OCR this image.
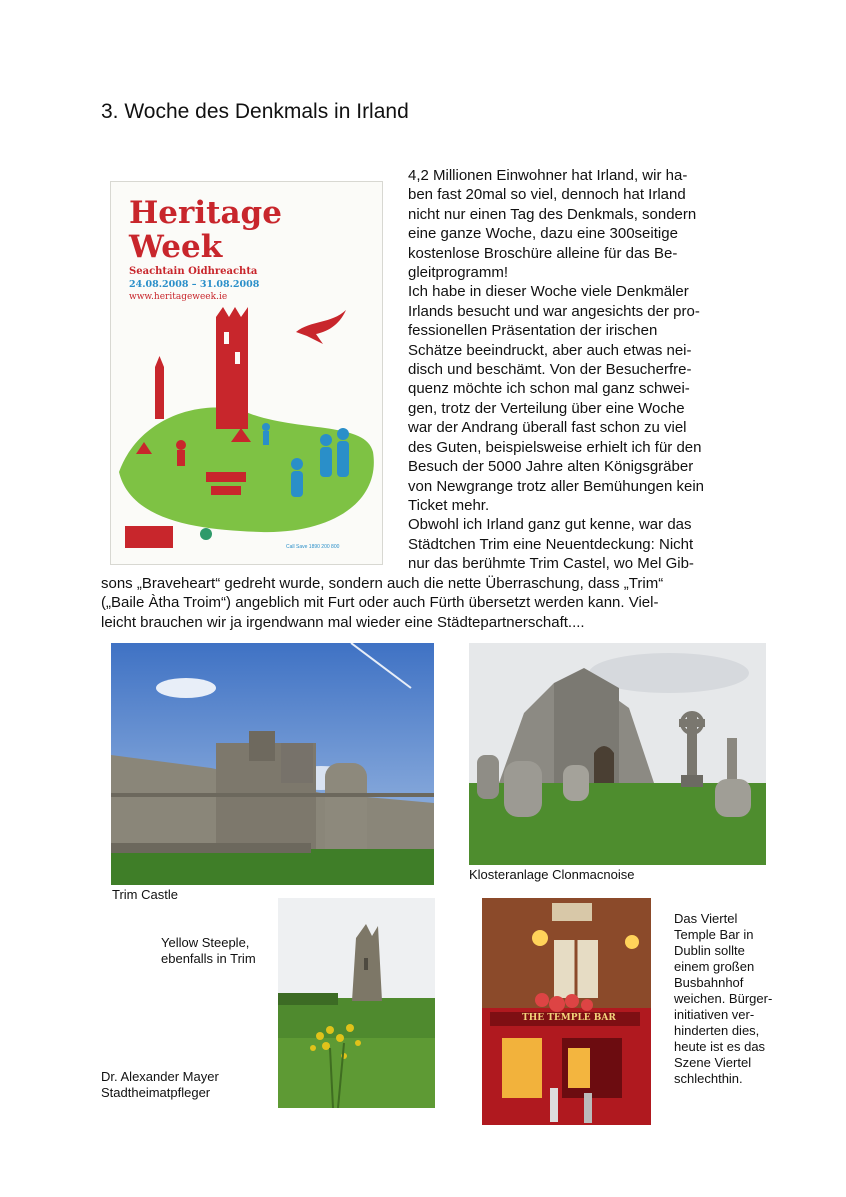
3. Woche des Denkmals in Irland
Heritage
Week
Seachtain Oidhreachta
24.08.2008 – 31.08.2008
www.heritageweek.ie
Call Save 1890 200 800
4,2 Millionen Einwohner hat Irland, wir ha-
ben fast 20mal so viel, dennoch hat Irland
nicht nur einen Tag des Denkmals, sondern
eine ganze Woche, dazu eine 300seitige
kostenlose Broschüre alleine für das Be-
gleitprogramm!
Ich habe in dieser Woche viele Denkmäler
Irlands besucht und war angesichts der pro-
fessionellen Präsentation der irischen
Schätze beeindruckt, aber auch etwas nei-
disch und beschämt. Von der Besucherfre-
quenz möchte ich schon mal ganz schwei-
gen, trotz der Verteilung über eine Woche
war der Andrang überall fast schon zu viel
des Guten, beispielsweise erhielt ich für den
Besuch der 5000 Jahre alten Königsgräber
von Newgrange trotz aller Bemühungen kein
Ticket mehr.
Obwohl ich Irland ganz gut kenne, war das
Städtchen Trim eine Neuentdeckung: Nicht
nur das berühmte Trim Castel, wo Mel Gib-
sons „Braveheart“ gedreht wurde, sondern auch die nette Überraschung, dass „Trim“
(„Baile Àtha Troim“) angeblich mit Furt oder auch Fürth übersetzt werden kann. Viel-
leicht brauchen wir ja irgendwann mal wieder eine Städtepartnerschaft....
Trim Castle
Klosteranlage Clonmacnoise
Yellow Steeple,
ebenfalls in Trim
Dr. Alexander Mayer
Stadtheimatpfleger
THE TEMPLE BAR
Das Viertel
Temple Bar in
Dublin sollte
einem großen
Busbahnhof
weichen. Bürger-
initiativen ver-
hinderten dies,
heute ist es das
Szene Viertel
schlechthin.
